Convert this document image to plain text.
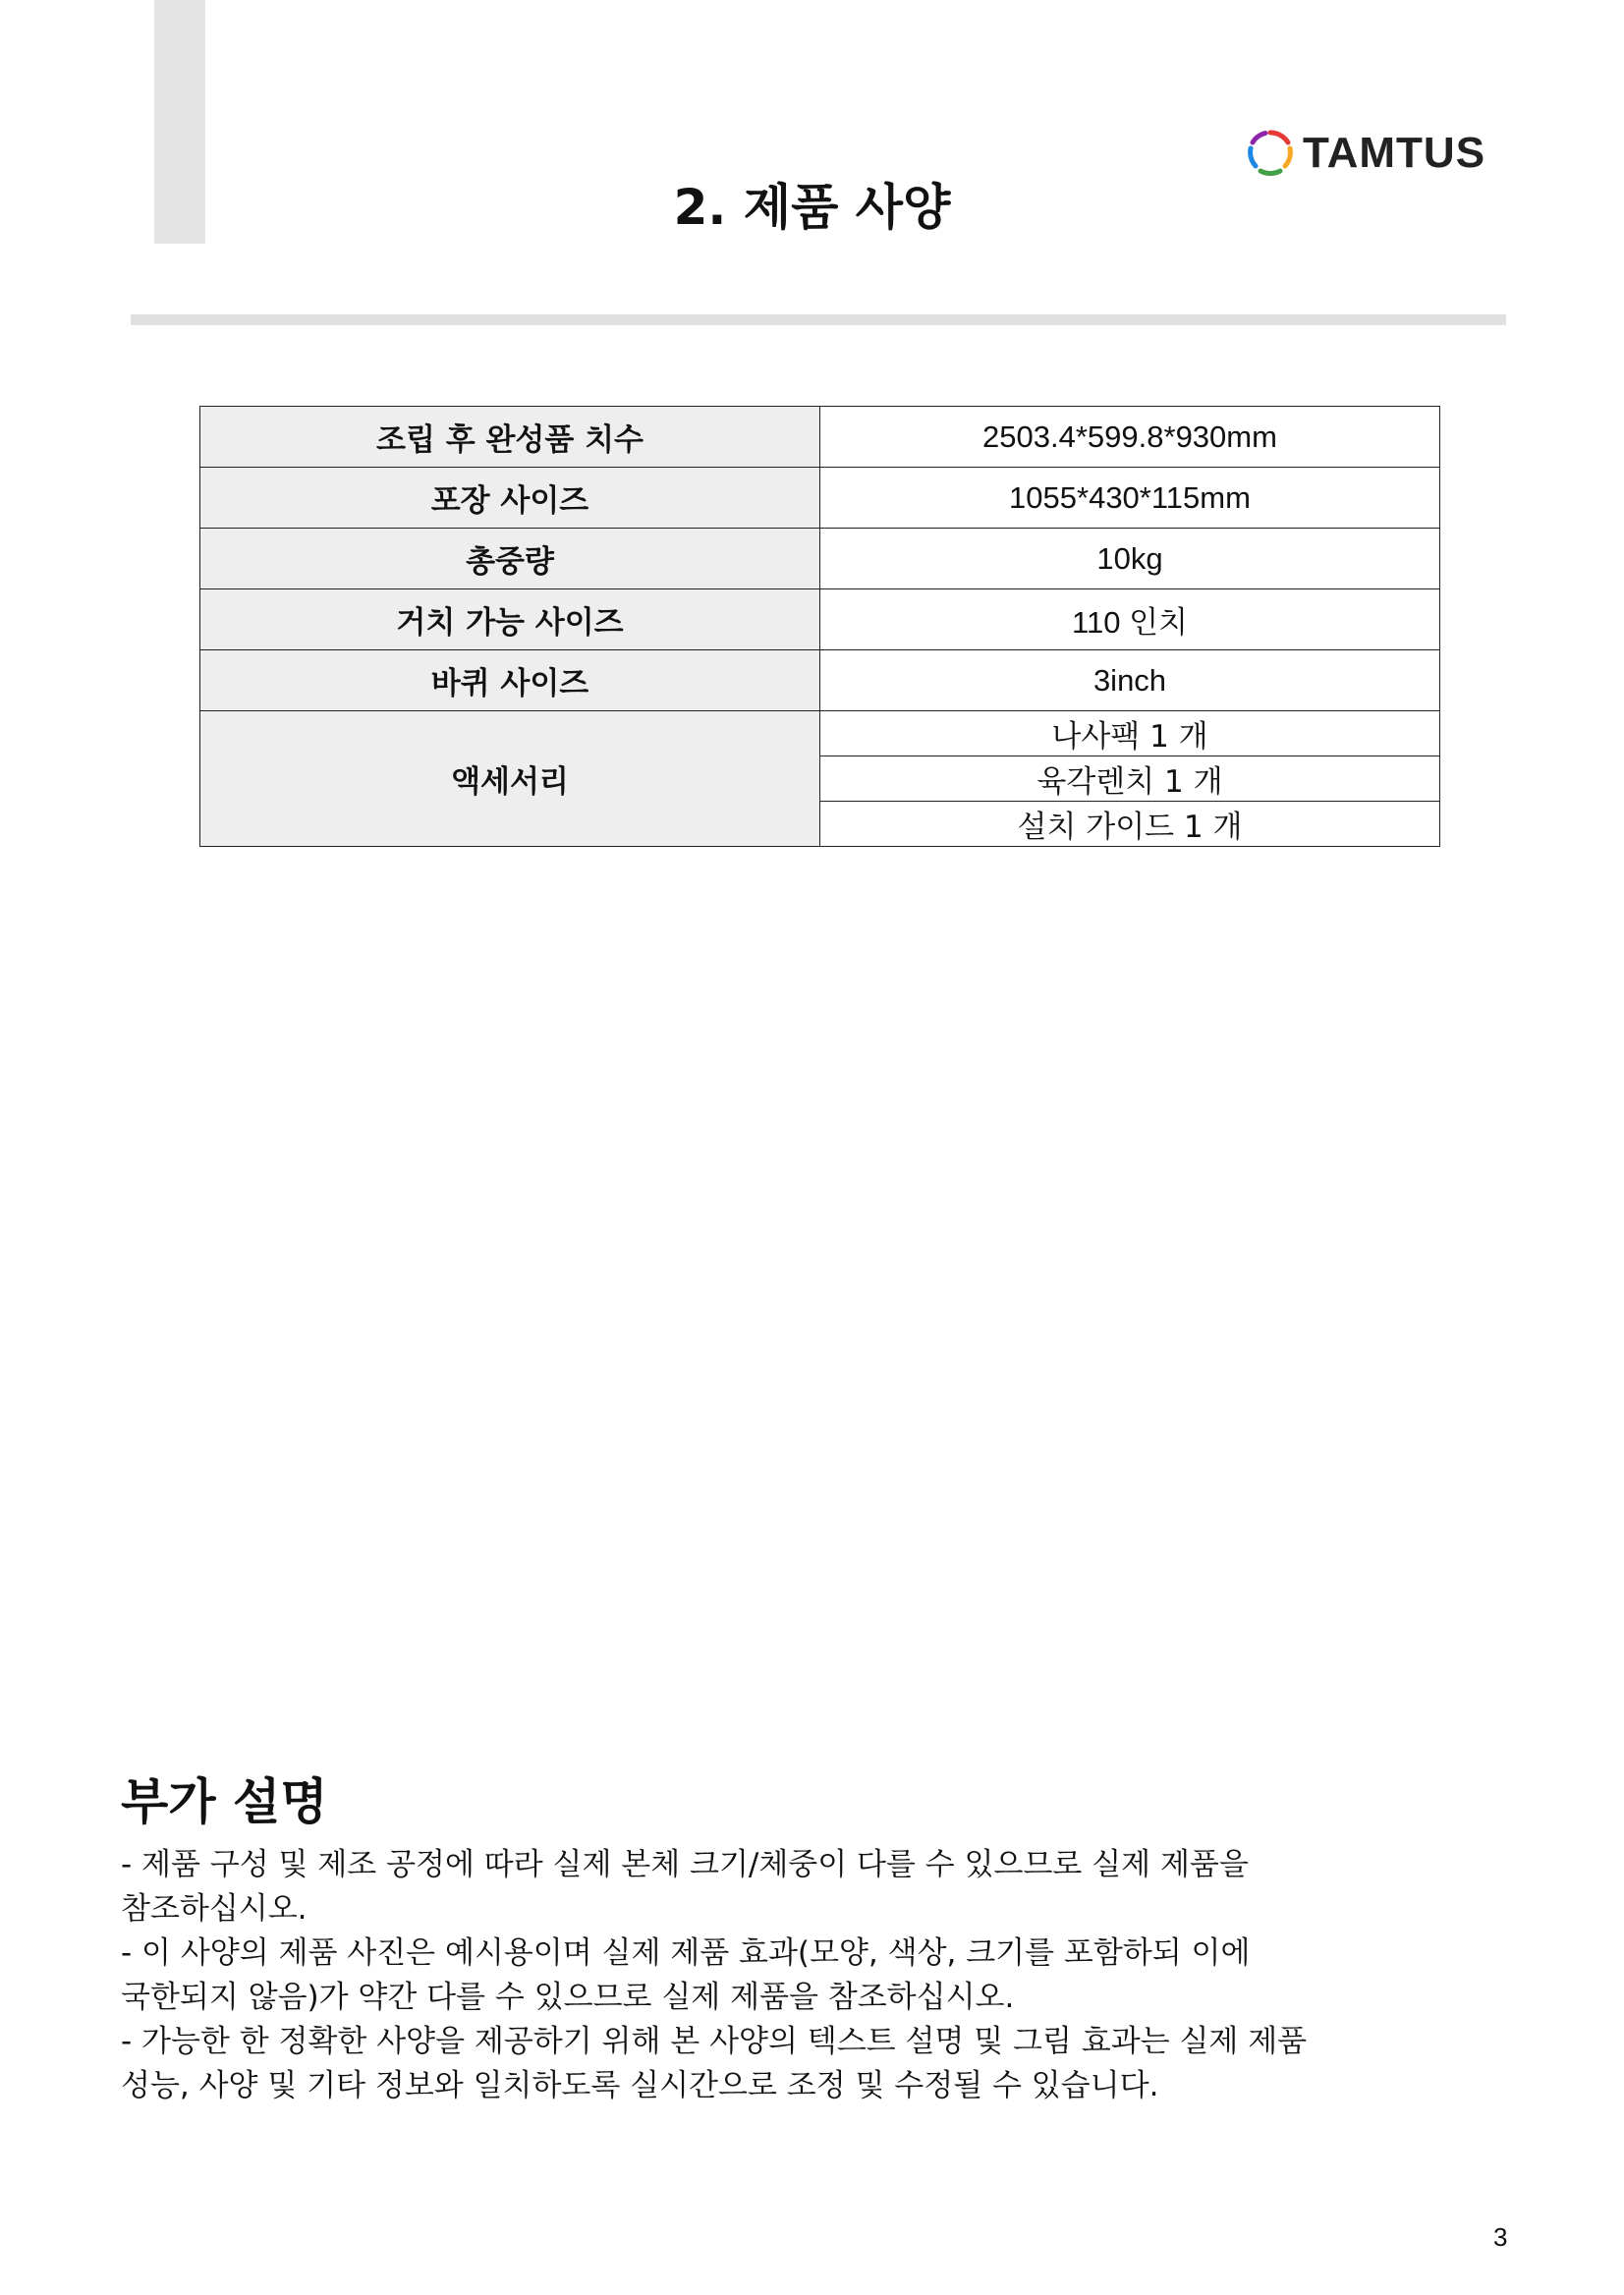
TAMTUS
2. 제품 사양
조립 후 완성품 치수	2503.4*599.8*930mm
포장 사이즈	1055*430*115mm
총중량	10kg
거치 가능 사이즈	110 인치
바퀴 사이즈	3inch
액세서리	나사팩 1 개
	육각렌치 1 개
	설치 가이드 1 개
부가 설명

- 제품 구성 및 제조 공정에 따라 실제 본체 크기/체중이 다를 수 있으므로 실제 제품을

참조하십시오.

- 이 사양의 제품 사진은 예시용이며 실제 제품 효과(모양, 색상, 크기를 포함하되 이에

국한되지 않음)가 약간 다를 수 있으므로 실제 제품을 참조하십시오.

- 가능한 한 정확한 사양을 제공하기 위해 본 사양의 텍스트 설명 및 그림 효과는 실제 제품

성능, 사양 및 기타 정보와 일치하도록 실시간으로 조정 및 수정될 수 있습니다.

3
